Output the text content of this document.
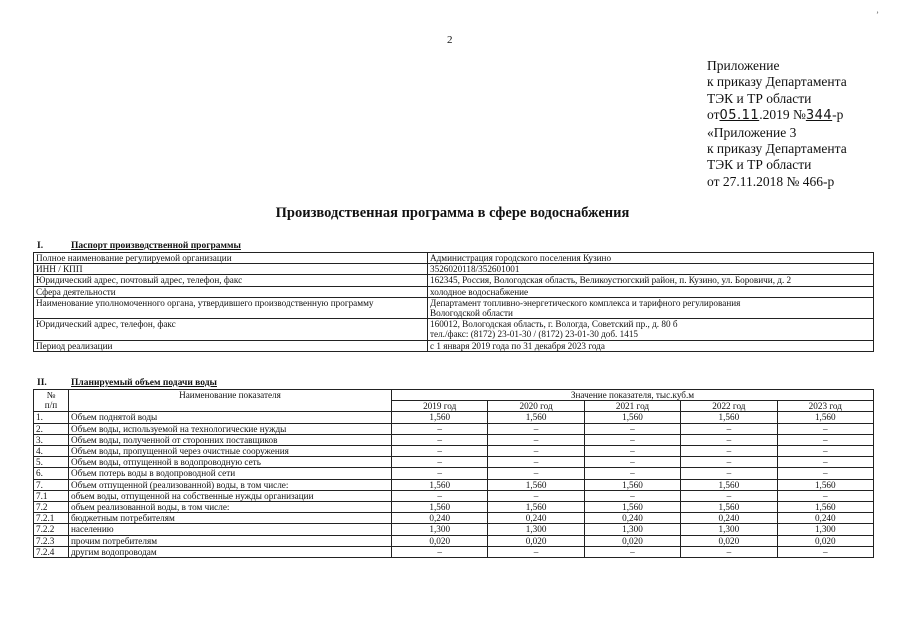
2
’
Приложение
к приказу Департамента
ТЭК и ТР области
от05.11.2019 №344-р
«Приложение 3
к приказу Департамента
ТЭК и ТР области
от 27.11.2018 № 466-р
Производственная программа в сфере водоснабжения
I.	Паспорт производственной программы
Полное наименование регулируемой организации	Администрация городского поселения Кузино
ИНН / КПП	3526020118/352601001
Юридический адрес, почтовый адрес, телефон, факс	162345, Россия, Вологодская область, Великоустюгский район, п. Кузино, ул. Боровичи, д. 2
Сфера деятельности	холодное водоснабжение
Наименование уполномоченного органа, утвердившего производственную программу	Департамент топливно-энергетического комплекса и тарифного регулирования
Вологодской области
Юридический адрес, телефон, факс	160012, Вологодская область, г. Вологда, Советский пр., д. 80 б
тел./факс: (8172) 23-01-30 / (8172) 23-01-30 доб. 1415
Период реализации	с 1 января 2019 года по 31 декабря 2023 года
II.	Планируемый объем подачи воды
№
п/п	Наименование показателя	Значение показателя, тыс.куб.м				
		2019 год	2020 год	2021 год	2022 год	2023 год
1.	Объем поднятой воды	1,560	1,560	1,560	1,560	1,560
2.	Объем воды, используемой на технологические нужды	–	–	–	–	–
3.	Объем воды, полученной от сторонних поставщиков	–	–	–	–	–
4.	Объем воды, пропущенной через очистные сооружения	–	–	–	–	–
5.	Объем воды, отпущенной в водопроводную сеть	–	–	–	–	–
6.	Объем потерь воды в водопроводной сети	–	–	–	–	–
7.	Объем отпущенной (реализованной) воды, в том числе:	1,560	1,560	1,560	1,560	1,560
7.1	объем воды, отпущенной на собственные нужды организации	–	–	–	–	–
7.2	объем реализованной воды, в том числе:	1,560	1,560	1,560	1,560	1,560
7.2.1	бюджетным потребителям	0,240	0,240	0,240	0,240	0,240
7.2.2	населению	1,300	1,300	1,300	1,300	1,300
7.2.3	прочим потребителям	0,020	0,020	0,020	0,020	0,020
7.2.4	другим водопроводам	–	–	–	–	–
